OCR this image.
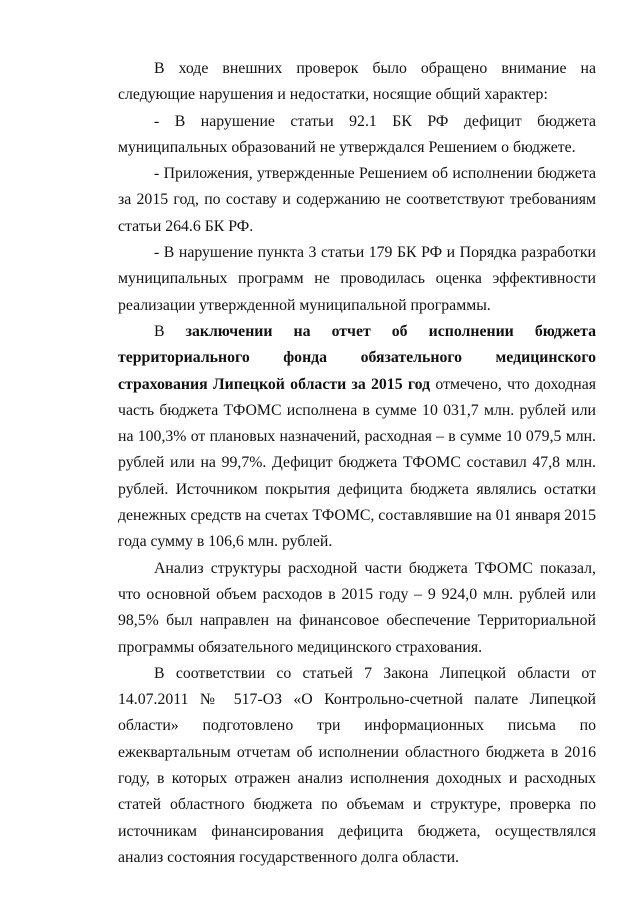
В ходе внешних проверок было обращено внимание на следующие нарушения и недостатки, носящие общий характер:

- В нарушение статьи 92.1 БК РФ дефицит бюджета муниципальных образований не утверждался Решением о бюджете.

- Приложения, утвержденные Решением об исполнении бюджета за 2015 год, по составу и содержанию не соответствуют требованиям статьи 264.6 БК РФ.

- В нарушение пункта 3 статьи 179 БК РФ и Порядка разработки муниципальных программ не проводилась оценка эффективности реализации утвержденной муниципальной программы.

В заключении на отчет об исполнении бюджета территориального фонда обязательного медицинского страхования Липецкой области за 2015 год отмечено, что доходная часть бюджета ТФОМС исполнена в сумме 10 031,7 млн. рублей или на 100,3% от плановых назначений, расходная – в сумме 10 079,5 млн. рублей или на 99,7%. Дефицит бюджета ТФОМС составил 47,8 млн. рублей. Источником покрытия дефицита бюджета являлись остатки денежных средств на счетах ТФОМС, составлявшие на 01 января 2015 года сумму в 106,6 млн. рублей.

Анализ структуры расходной части бюджета ТФОМС показал, что основной объем расходов в 2015 году – 9 924,0 млн. рублей или 98,5% был направлен на финансовое обеспечение Территориальной программы обязательного медицинского страхования.

В соответствии со статьей 7 Закона Липецкой области от 14.07.2011 № 517-ОЗ «О Контрольно-счетной палате Липецкой области» подготовлено три информационных письма по ежеквартальным отчетам об исполнении областного бюджета в 2016 году, в которых отражен анализ исполнения доходных и расходных статей областного бюджета по объемам и структуре, проверка по источникам финансирования дефицита бюджета, осуществлялся анализ состояния государственного долга области.
